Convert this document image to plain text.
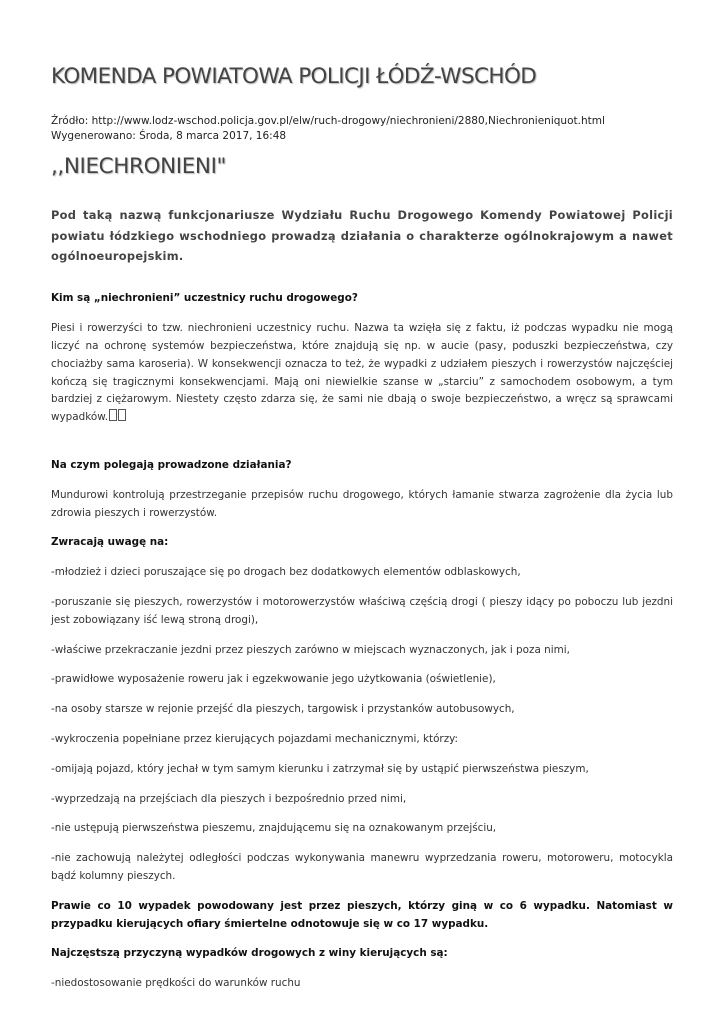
KOMENDA POWIATOWA POLICJI ŁÓDŹ-WSCHÓD
Źródło: http://www.lodz-wschod.policja.gov.pl/elw/ruch-drogowy/niechronieni/2880,Niechronieniquot.html
Wygenerowano: Środa, 8 marca 2017, 16:48
,,NIECHRONIENI"

Pod taką nazwą funkcjonariusze Wydziału Ruchu Drogowego Komendy Powiatowej Policji powiatu łódzkiego wschodniego prowadzą działania o charakterze ogólnokrajowym a nawet ogólnoeuropejskim.

Kim są „niechronieni” uczestnicy ruchu drogowego?

Piesi i rowerzyści to tzw. niechronieni uczestnicy ruchu. Nazwa ta wzięła się z faktu, iż podczas wypadku nie mogą liczyć na ochronę systemów bezpieczeństwa, które znajdują się np. w aucie (pasy, poduszki bezpieczeństwa, czy chociażby sama karoseria). W konsekwencji oznacza to też, że wypadki z udziałem pieszych i rowerzystów najczęściej kończą się tragicznymi konsekwencjami. Mają oni niewielkie szanse w „starciu” z samochodem osobowym, a tym bardziej z ciężarowym. Niestety często zdarza się, że sami nie dbają o swoje bezpieczeństwo, a wręcz są sprawcami wypadków.

Na czym polegają prowadzone działania?

Mundurowi kontrolują przestrzeganie przepisów ruchu drogowego, których łamanie stwarza zagrożenie dla życia lub zdrowia pieszych i rowerzystów.

Zwracają uwagę na:

-młodzież i dzieci poruszające się po drogach bez dodatkowych elementów odblaskowych,

-poruszanie się pieszych, rowerzystów i motorowerzystów właściwą częścią drogi ( pieszy idący po poboczu lub jezdni jest zobowiązany iść lewą stroną drogi),

-właściwe przekraczanie jezdni przez pieszych zarówno w miejscach wyznaczonych, jak i poza nimi,

-prawidłowe wyposażenie roweru jak i egzekwowanie jego użytkowania (oświetlenie),

-na osoby starsze w rejonie przejść dla pieszych, targowisk i przystanków autobusowych,

-wykroczenia popełniane przez kierujących pojazdami mechanicznymi, którzy:

-omijają pojazd, który jechał w tym samym kierunku i zatrzymał się by ustąpić pierwszeństwa pieszym,

-wyprzedzają na przejściach dla pieszych i bezpośrednio przed nimi,

-nie ustępują pierwszeństwa pieszemu, znajdującemu się na oznakowanym przejściu,

-nie zachowują należytej odległości podczas wykonywania manewru wyprzedzania roweru, motoroweru, motocykla bądź kolumny pieszych.

Prawie co 10 wypadek powodowany jest przez pieszych, którzy giną w co 6 wypadku. Natomiast w przypadku kierujących ofiary śmiertelne odnotowuje się w co 17 wypadku.

Najczęstszą przyczyną wypadków drogowych z winy kierujących są:

-niedostosowanie prędkości do warunków ruchu
